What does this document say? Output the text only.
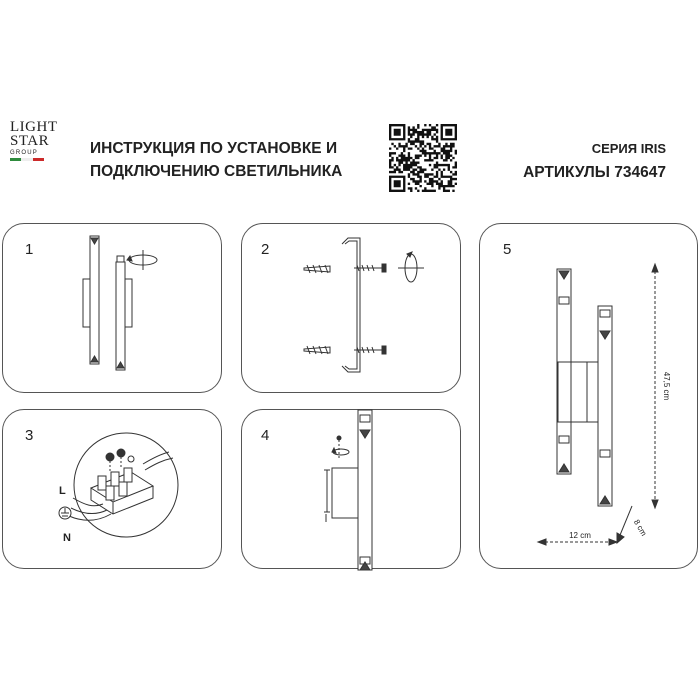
LIGHT
STAR
GROUP	ИНСТРУКЦИЯ ПО УСТАНОВКЕ И
ПОДКЛЮЧЕНИЮ СВЕТИЛЬНИКА
СЕРИЯ IRIS
АРТИКУЛЫ 734647
1	2	5
47,5 cm
12 cm	8 cm
3
L
N
4
